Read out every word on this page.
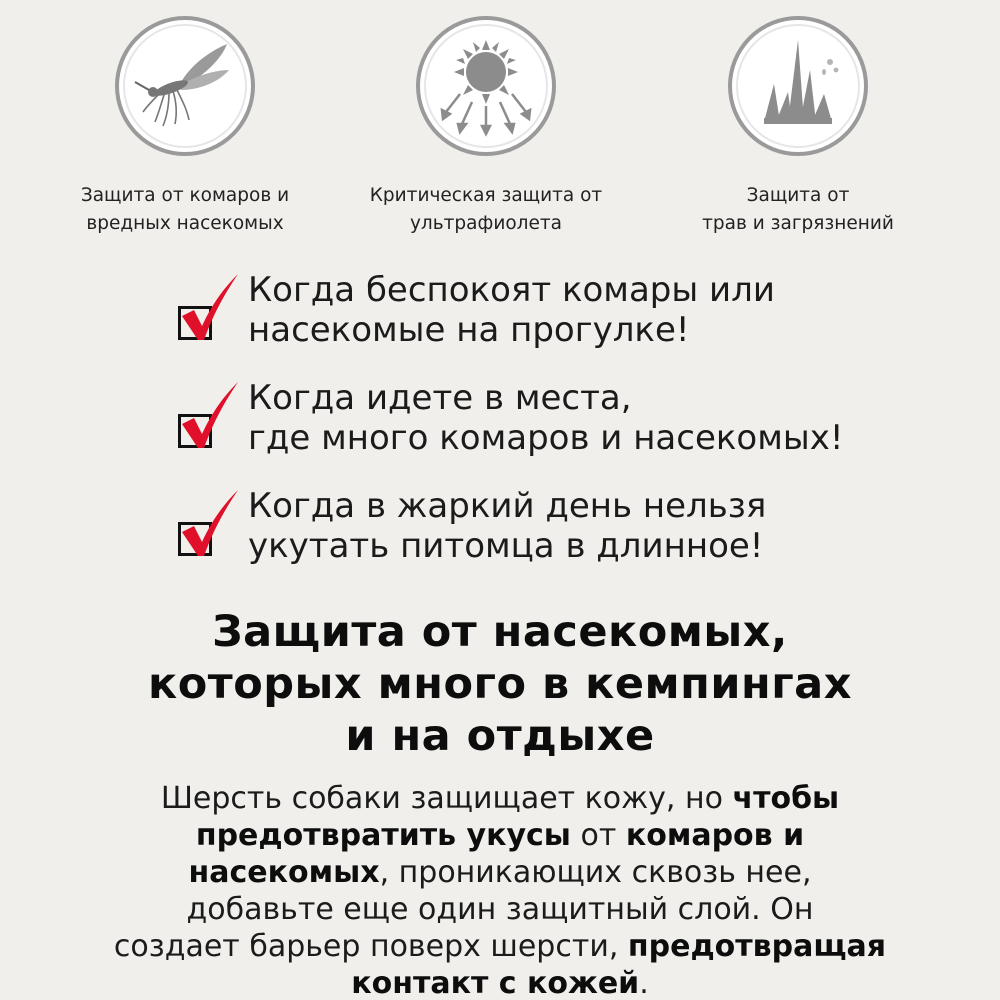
Защита от комаров и
вредных насекомых
Критическая защита от
ультрафиолета
Защита от
трав и загрязнений
Когда беспокоят комары или
насекомые на прогулке!
Когда идете в места,
где много комаров и насекомых!
Когда в жаркий день нельзя
укутать питомца в длинное!
Защита от насекомых,
которых много в кемпингах
и на отдыхе
Шерсть собаки защищает кожу, но чтобы
предотвратить укусы от комаров и
насекомых, проникающих сквозь нее,
добавьте еще один защитный слой. Он
создает барьер поверх шерсти, предотвращая
контакт с кожей.
